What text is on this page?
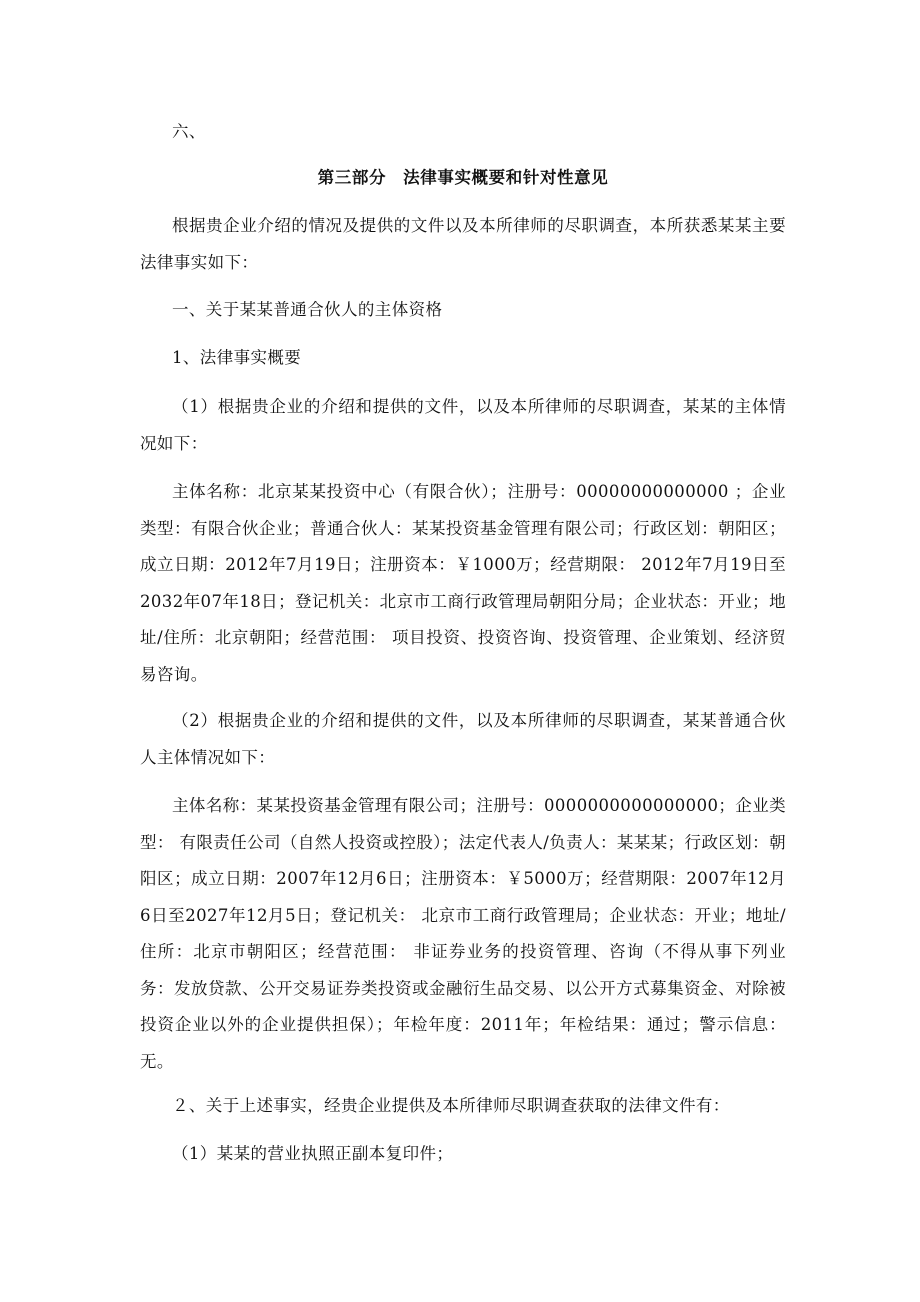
六、

第三部分　法律事实概要和针对性意见

根据贵企业介绍的情况及提供的文件以及本所律师的尽职调查，本所获悉某某主要法律事实如下：

一、关于某某普通合伙人的主体资格

1、法律事实概要

（1）根据贵企业的介绍和提供的文件，以及本所律师的尽职调查，某某的主体情况如下：

主体名称：北京某某投资中心（有限合伙）；注册号：00000000000000 ；企业类型：有限合伙企业；普通合伙人：某某投资基金管理有限公司；行政区划：朝阳区；成立日期：2012年7月19日；注册资本：￥1000万；经营期限： 2012年7月19日至2032年07年18日；登记机关：北京市工商行政管理局朝阳分局；企业状态：开业；地址/住所：北京朝阳；经营范围： 项目投资、投资咨询、投资管理、企业策划、经济贸易咨询。

（2）根据贵企业的介绍和提供的文件，以及本所律师的尽职调查，某某普通合伙人主体情况如下：

主体名称：某某投资基金管理有限公司；注册号：0000000000000000；企业类型： 有限责任公司（自然人投资或控股）；法定代表人/负责人：某某某；行政区划：朝阳区；成立日期：2007年12月6日；注册资本：￥5000万；经营期限：2007年12月6日至2027年12月5日；登记机关： 北京市工商行政管理局；企业状态：开业；地址/住所：北京市朝阳区；经营范围： 非证券业务的投资管理、咨询（不得从事下列业务：发放贷款、公开交易证券类投资或金融衍生品交易、以公开方式募集资金、对除被投资企业以外的企业提供担保）；年检年度：2011年；年检结果：通过；警示信息：无。

２、关于上述事实，经贵企业提供及本所律师尽职调查获取的法律文件有：

（1）某某的营业执照正副本复印件；
